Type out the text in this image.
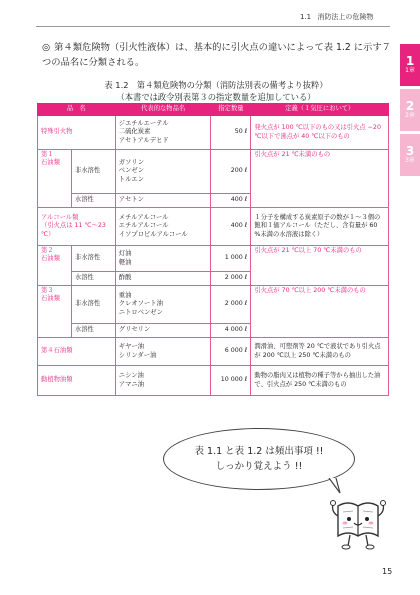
1.1 消防法上の危険物
1
1章
2
2章
3
3章
◎ 第４類危険物（引火性液体）は、基本的に引火点の違いによって表 1.2 に示す７つの品名に分類される。
表 1.2　第４類危険物の分類（消防法別表の備考より抜粋）
（本書では政令別表第３の指定数量を追加している）
品　名		代表的な物品名	指定数量	定義（１気圧において）
特殊引火物		ジエチルエーテル
二硫化炭素
アセトアルデヒド	50 ℓ	発火点が 100 ℃以下のもの又は引火点 −20 ℃以下で沸点が 40 ℃以下のもの
第１
石油類	非水溶性	ガソリン
ベンゼン
トルエン	200 ℓ	引火点が 21 ℃未満のもの
	水溶性	アセトン	400 ℓ	
アルコール類
（引火点は 11 ℃〜23 ℃）		メチルアルコール
エチルアルコール
イソプロピルアルコール	400 ℓ	１分子を構成する炭素原子の数が１〜３個の飽和１価アルコール（ただし、含有量が 60 %未満の水溶液は除く）
第２
石油類	非水溶性	灯油
軽油	1 000 ℓ	引火点が 21 ℃以上 70 ℃未満のもの
	水溶性	酢酸	2 000 ℓ	
第３
石油類	非水溶性	重油
クレオソート油
ニトロベンゼン	2 000 ℓ	引火点が 70 ℃以上 200 ℃未満のもの
	水溶性	グリセリン	4 000 ℓ	
第４石油類		ギヤー油
シリンダー油	6 000 ℓ	潤滑油、可塑剤等 20 ℃で液状であり引火点が 200 ℃以上 250 ℃未満のもの
動植物油類		ニシン油
アマニ油	10 000 ℓ	動物の脂肉又は植物の種子等から抽出した油で、引火点が 250 ℃未満のもの
表 1.1 と表 1.2 は頻出事項 !!
しっかり覚えよう !!
15
